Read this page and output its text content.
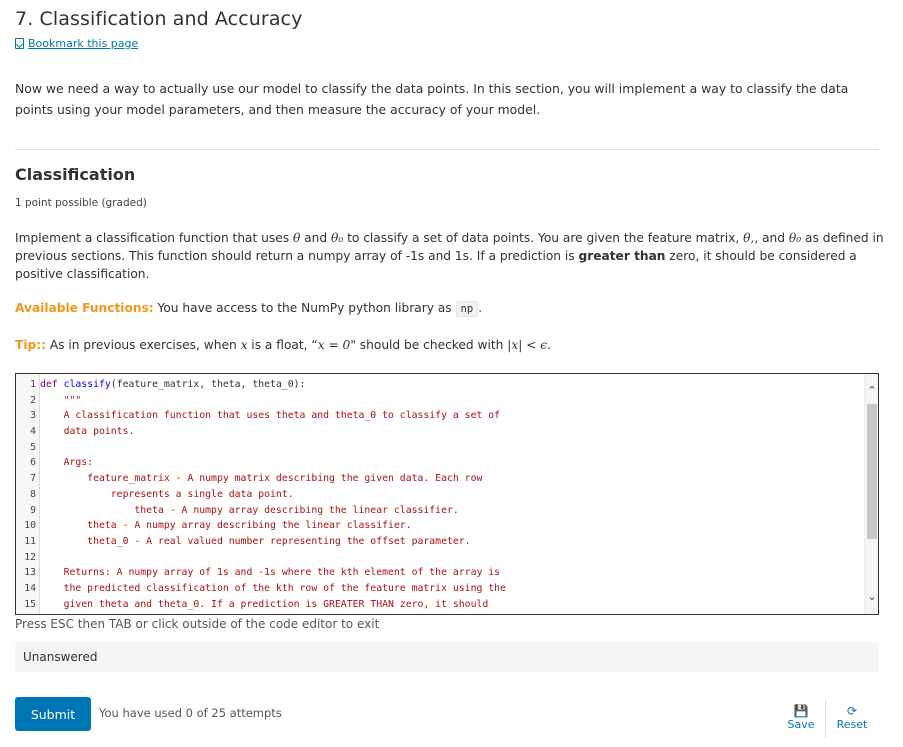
7. Classification and Accuracy
Bookmark this page

Now we need a way to actually use our model to classify the data points. In this section, you will implement a way to classify the data points using your model parameters, and then measure the accuracy of your model.

Classification
1 point possible (graded)

Implement a classification function that uses θ and θ₀ to classify a set of data points. You are given the feature matrix, θ,, and θ₀ as defined in previous sections. This function should return a numpy array of -1s and 1s. If a prediction is greater than zero, it should be considered a positive classification.

Available Functions: You have access to the NumPy python library as np .

Tip:: As in previous exercises, when x is a float, “x = 0" should be checked with |x| < ϵ.

1 def classify(feature_matrix, theta, theta_0):
2 """
3 A classification function that uses theta and theta_0 to classify a set of
4 data points.
5
6 Args:
7 feature_matrix - A numpy matrix describing the given data. Each row
8 represents a single data point.
9 theta - A numpy array describing the linear classifier.
10 theta - A numpy array describing the linear classifier.
11 theta_0 - A real valued number representing the offset parameter.
12
13 Returns: A numpy array of 1s and -1s where the kth element of the array is
14 the predicted classification of the kth row of the feature matrix using the
15 given theta and theta_0. If a prediction is GREATER THAN zero, it should
⌃
⌄
Press ESC then TAB or click outside of the code editor to exit
Unanswered
Submit	You have used 0 of 25 attempts	💾
Save
⟳
Reset
